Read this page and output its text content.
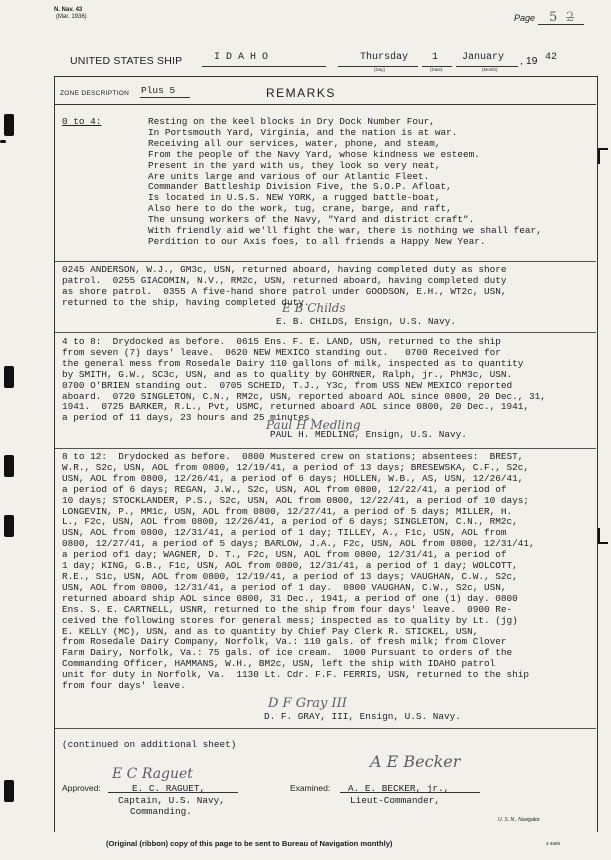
N. Nav. 43
(Mar. 1936)	Page 5 2
UNITED STATES SHIP	I D A H O	Thursday 1 January , 19 42
(Day)	(Date)	(Month)
ZONE DESCRIPTION Plus 5	REMARKS
0 to 4:	Resting on the keel blocks in Dry Dock Number Four,
In Portsmouth Yard, Virginia, and the nation is at war.
Receiving all our services, water, phone, and steam,
From the people of the Navy Yard, whose kindness we esteem.
Present in the yard with us, they look so very neat,
Are units large and various of our Atlantic Fleet.
Commander Battleship Division Five, the S.O.P. Afloat,
Is located in U.S.S. NEW YORK, a rugged battle-boat,
Also here to do the work, tug, crane, barge, and raft,
The unsung workers of the Navy, "Yard and district craft".
With friendly aid we'll fight the war, there is nothing we shall fear,
Perdition to our Axis foes, to all friends a Happy New Year.
0245 ANDERSON, W.J., GM3c, USN, returned aboard, having completed duty as shore
patrol.  0255 GIACOMIN, N.V., RM2c, USN, returned aboard, having completed duty
as shore patrol.  0355 A five-hand shore patrol under GOODSON, E.H., WT2c, USN,
returned to the ship, having completed duty.
E B Childs
E. B. CHILDS, Ensign, U.S. Navy.
4 to 8:  Drydocked as before.  0615 Ens. F. E. LAND, USN, returned to the ship
from seven (7) days' leave.  0620 NEW MEXICO standing out.   0700 Received for
the general mess from Rosedale Dairy 110 gallons of milk, inspected as to quantity
by SMITH, G.W., SC3c, USN, and as to quality by GOHRNER, Ralph, jr., PhM3c, USN.
0700 O'BRIEN standing out.  0705 SCHEID, T.J., Y3c, from USS NEW MEXICO reported
aboard.  0720 SINGLETON, C.N., RM2c, USN, reported aboard AOL since 0800, 20 Dec., 31,
1941.  0725 BARKER, R.L., Pvt, USMC, returned aboard AOL since 0800, 20 Dec., 1941,
a period of 11 days, 23 hours and 25 minutes.
Paul H Medling
PAUL H. MEDLING, Ensign, U.S. Navy.
8 to 12:  Drydocked as before.  0800 Mustered crew on stations; absentees:  BREST,
W.R., S2c, USN, AOL from 0800, 12/19/41, a period of 13 days; BRESEWSKA, C.F., S2c,
USN, AOL from 0800, 12/26/41, a period of 6 days; HOLLEN, W.B., AS, USN, 12/26/41,
a period of 6 days; REGAN, J.W., S2c, USN, AOL from 0800, 12/22/41, a period of
10 days; STOCKLANDER, P.S., S2c, USN, AOL from 0800, 12/22/41, a period of 10 days;
LONGEVIN, P., MM1c, USN, AOL from 0800, 12/27/41, a period of 5 days; MILLER, H.
L., F2c, USN, AOL from 0800, 12/26/41, a period of 6 days; SINGLETON, C.N., RM2c,
USN, AOL from 0800, 12/31/41, a period of 1 day; TILLEY, A., F1c, USN, AOL from
0800, 12/27/41, a period of 5 days; BARLOW, J.A., F2c, USN, AOL from 0800, 12/31/41,
a period of1 day; WAGNER, D. T., F2c, USN, AOL from 0800, 12/31/41, a period of
1 day; KING, G.B., F1c, USN, AOL from 0800, 12/31/41, a period of 1 day; WOLCOTT,
R.E., S1c, USN, AOL from 0800, 12/19/41, a period of 13 days; VAUGHAN, C.W., S2c,
USN, AOL from 0800, 12/31/41, a period of 1 day.  0800 VAUGHAN, C.W., S2c, USN,
returned aboard ship AOL since 0800, 31 Dec., 1941, a period of one (1) day. 0800
Ens. S. E. CARTNELL, USNR, returned to the ship from four days' leave.  0900 Re-
ceived the following stores for general mess; inspected as to quality by Lt. (jg)
E. KELLY (MC), USN, and as to quantity by Chief Pay Clerk R. STICKEL, USN,
from Rosedale Dairy Company, Norfolk, Va.: 110 gals. of fresh milk; from Clover
Farm Dairy, Norfolk, Va.: 75 gals. of ice cream.  1000 Pursuant to orders of the
Commanding Officer, HAMMANS, W.H., BM2c, USN, left the ship with IDAHO patrol
unit for duty in Norfolk, Va.  1130 Lt. Cdr. F.F. FERRIS, USN, returned to the ship
from four days' leave.
D F Gray III
D. F. GRAY, III, Ensign, U.S. Navy.
(continued on additional sheet)
Approved:
E C Raguet
E. C. RAGUET,
Captain, U.S. Navy,
Commanding.
Examined:
A E Becker
A. E. BECKER, jr.,
Lieut-Commander,
U. S. N., Navigator.
(Original (ribbon) copy of this page to be sent to Bureau of Navigation monthly)	4-4688
